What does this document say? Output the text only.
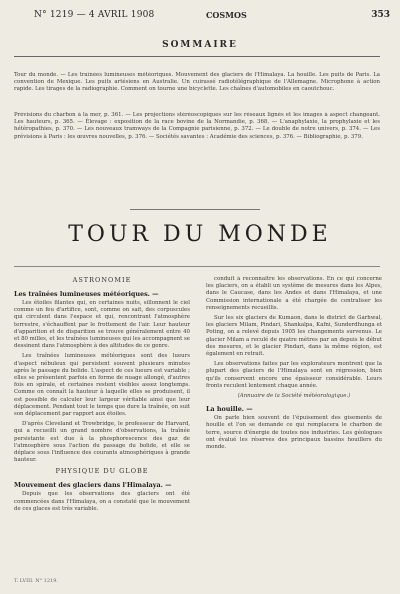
N° 1219 — 4 AVRIL 1908	COSMOS	353
SOMMAIRE
Tour du monde. — Les traînées lumineuses météoriques. Mouvement des glaciers de l'Himalaya. La houille. Les puits de Paris. La convention de Mexique. Les puits artésiens en Australie. Un cuirassé radiotélégraphique de l'Allemagne. Microphone à action rapide. Les tirages de la radiographie. Comment on tourne une bicyclette. Les chaînes d'automobiles en caoutchouc.
Prévisions du charbon à la mer, p. 361. — Les projections stéréoscopiques sur les réseaux lignés et les images à aspect changeant. Les hauteurs, p. 365. — Élevage : exposition de la race bovine de la Normandie, p. 368. — L'anaphylaxie, la prophylaxie et les hétéropathies, p. 370. — Les nouveaux tramways de la Compagnie parisienne, p. 372. — Le double de notre univers, p. 374. — Les prévisions à Paris : les œuvres nouvelles, p. 376. — Sociétés savantes : Académie des sciences, p. 376. — Bibliographie, p. 379.
TOUR DU MONDE
ASTRONOMIE
Les traînées lumineuses météoriques. —

Les étoiles filantes qui, en certaines nuits, sillonnent le ciel comme un feu d'artifice, sont, comme on sait, des corpuscules qui circulent dans l'espace et qui, rencontrant l'atmosphère terrestre, s'échauffent par le frottement de l'air. Leur hauteur d'apparition et de disparition se trouve généralement entre 40 et 80 milles, et les traînées lumineuses qui les accompagnent se dessinent dans l'atmosphère à des altitudes de ce genre.

Les traînées lumineuses météoriques sont des lueurs d'aspect nébuleux qui persistent souvent plusieurs minutes après le passage du bolide. L'aspect de ces lueurs est variable ; elles se présentent parfois en forme de nuage allongé, d'autres fois en spirale, et certaines restent visibles assez longtemps. Comme on connaît la hauteur à laquelle elles se produisent, il est possible de calculer leur largeur véritable ainsi que leur déplacement. Pendant tout le temps que dure la traînée, on suit son déplacement par rapport aux étoiles.

D'après Cleveland et Trowbridge, le professeur de Harvard, qui a recueilli un grand nombre d'observations, la traînée persistante est due à la phosphorescence des gaz de l'atmosphère sous l'action du passage du bolide, et elle se déplace sous l'influence des courants atmosphériques à grande hauteur.

PHYSIQUE DU GLOBE
Mouvement des glaciers dans l'Himalaya. —

Depuis que les observations des glaciers ont été commencées dans l'Himalaya, on a constaté que le mouvement de ces glaces est très variable.

conduit à reconnaître les observations. En ce qui concerne les glaciers, on a établi un système de mesures dans les Alpes, dans le Caucase, dans les Andes et dans l'Himalaya, et une Commission internationale a été chargée de centraliser les renseignements recueillis.

Sur les six glaciers de Kumaon, dans le district de Garhwal, les glaciers Milam, Pindari, Shankalpa, Kafni, Sunderdhunga et Poting, on a relevé depuis 1905 les changements survenus. Le glacier Milam a reculé de quatre mètres par an depuis le début des mesures, et le glacier Pindari, dans la même région, est également en retrait.

Les observations faites par les explorateurs montrent que la plupart des glaciers de l'Himalaya sont en régression, bien qu'ils conservent encore une épaisseur considérable. Leurs fronts reculent lentement chaque année.

(Annuaire de la Société météorologique.)
La houille. —

On parle bien souvent de l'épuisement des gisements de houille et l'on se demande ce qui remplacera le charbon de terre, source d'énergie de toutes nos industries. Les géologues ont évalué les réserves des principaux bassins houillers du monde.

T. LVIII. N° 1219.
